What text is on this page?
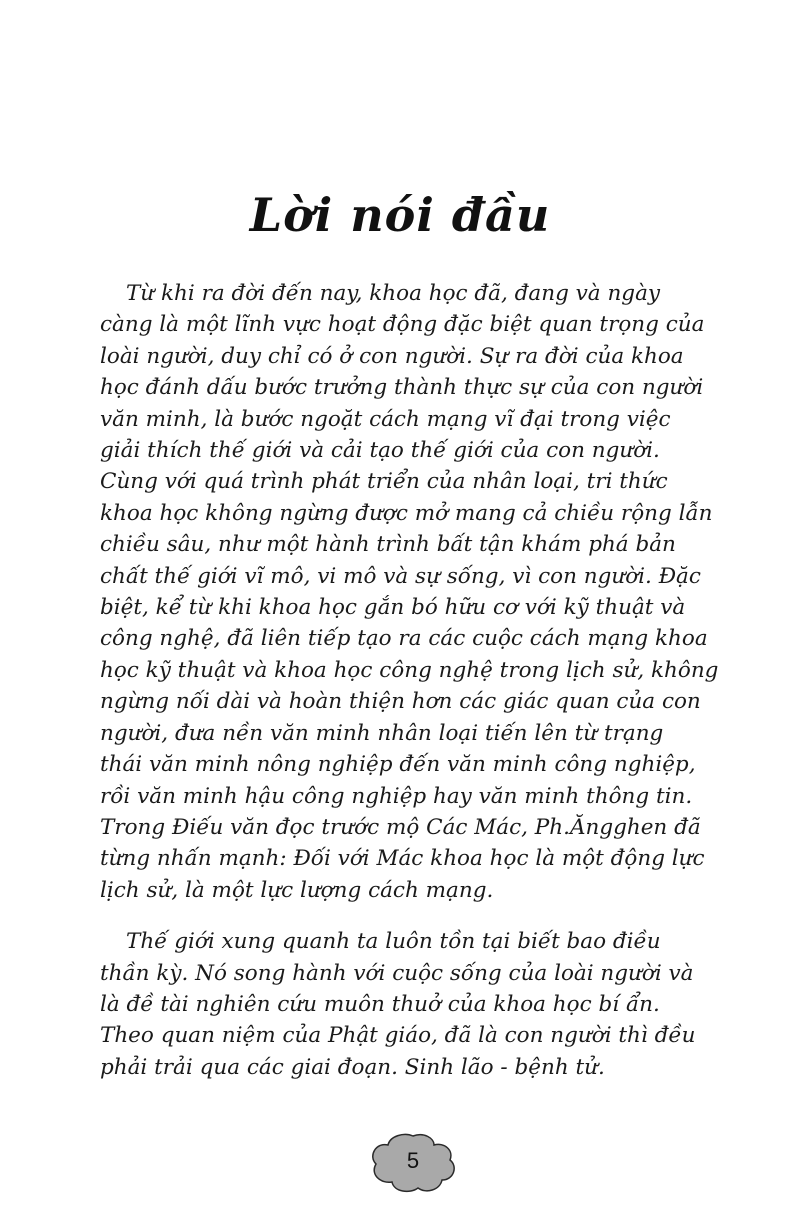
Lời nói đầu
Từ khi ra đời đến nay, khoa học đã, đang và ngày
càng là một lĩnh vực hoạt động đặc biệt quan trọng của
loài người, duy chỉ có ở con người. Sự ra đời của khoa
học đánh dấu bước trưởng thành thực sự của con người
văn minh, là bước ngoặt cách mạng vĩ đại trong việc
giải thích thế giới và cải tạo thế giới của con người.
Cùng với quá trình phát triển của nhân loại, tri thức
khoa học không ngừng được mở mang cả chiều rộng lẫn
chiều sâu, như một hành trình bất tận khám phá bản
chất thế giới vĩ mô, vi mô và sự sống, vì con người. Đặc
biệt, kể từ khi khoa học gắn bó hữu cơ với kỹ thuật và
công nghệ, đã liên tiếp tạo ra các cuộc cách mạng khoa
học kỹ thuật và khoa học công nghệ trong lịch sử, không
ngừng nối dài và hoàn thiện hơn các giác quan của con
người, đưa nền văn minh nhân loại tiến lên từ trạng
thái văn minh nông nghiệp đến văn minh công nghiệp,
rồi văn minh hậu công nghiệp hay văn minh thông tin.
Trong Điếu văn đọc trước mộ Các Mác, Ph.Ăngghen đã
từng nhấn mạnh: Đối với Mác khoa học là một động lực
lịch sử, là một lực lượng cách mạng.
Thế giới xung quanh ta luôn tồn tại biết bao điều
thần kỳ. Nó song hành với cuộc sống của loài người và
là đề tài nghiên cứu muôn thuở của khoa học bí ẩn.
Theo quan niệm của Phật giáo, đã là con người thì đều
phải trải qua các giai đoạn. Sinh lão - bệnh tử.
5
